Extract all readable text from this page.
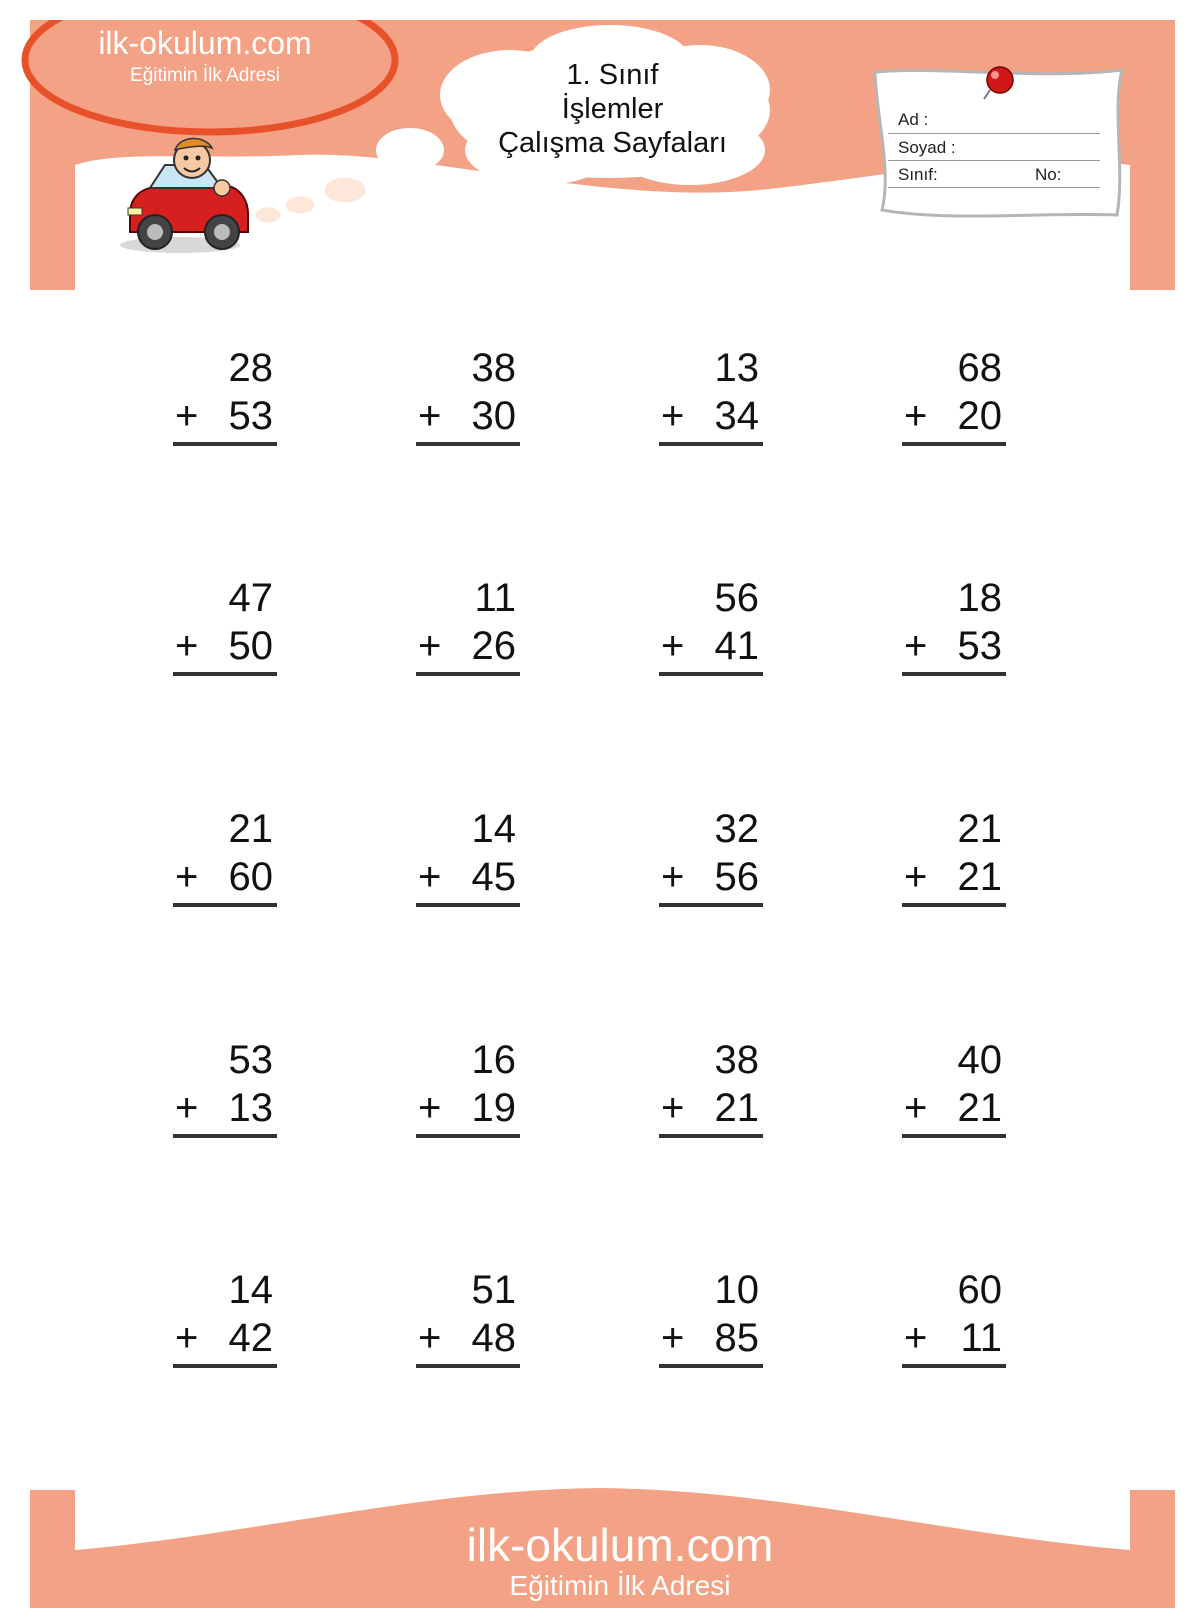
ilk-okulum.com
Eğitimin İlk Adresi	1. Sınıf
İşlemler
Çalışma Sayfaları
Ad :
Soyad :
Sınıf:	No:
28
+ 53
38
+ 30
13
+ 34
68
+ 20
47
+ 50
11
+ 26
56
+ 41
18
+ 53
21
+ 60
14
+ 45
32
+ 56
21
+ 21
53
+ 13
16
+ 19
38
+ 21
40
+ 21
14
+ 42
51
+ 48
10
+ 85
60
+ 11
ilk-okulum.com
Eğitimin İlk Adresi
